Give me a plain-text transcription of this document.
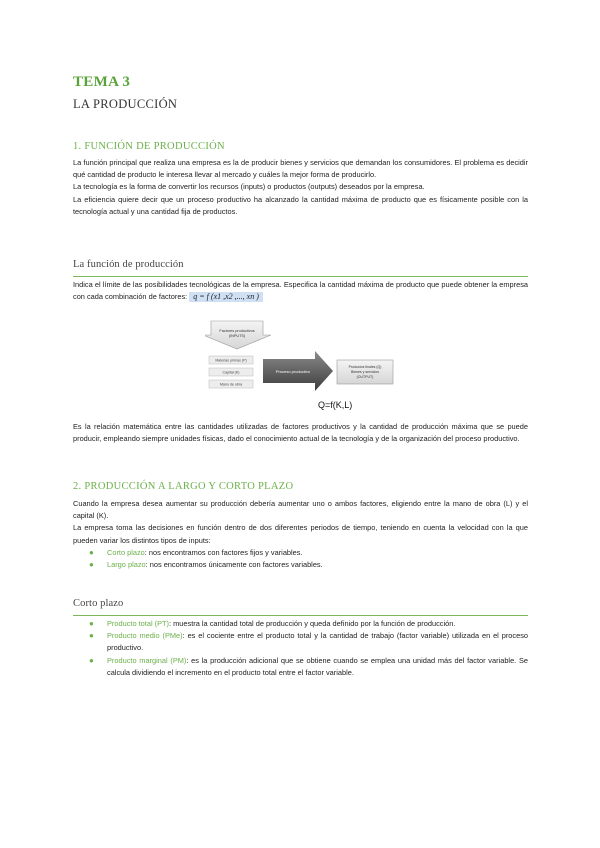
TEMA 3
LA PRODUCCIÓN
1. FUNCIÓN DE PRODUCCIÓN

La función principal que realiza una empresa es la de producir bienes y servicios que demandan los consumidores. El problema es decidir qué cantidad de producto le interesa llevar al mercado y cuáles la mejor forma de producirlo.

La tecnología es la forma de convertir los recursos (inputs) o productos (outputs) deseados por la empresa.

La eficiencia quiere decir que un proceso productivo ha alcanzado la cantidad máxima de producto que es físicamente posible con la tecnología actual y una cantidad fija de productos.

La función de producción

Indica el límite de las posibilidades tecnológicas de la empresa. Especifica la cantidad máxima de producto que puede obtener la empresa con cada combinación de factores: q = f (x1 ,x2 ,..., xn )

Factores productivos
(INPUTS)
Materias primas (P)
Capital (K)
Mano de obra
Proceso productivo
Productos finales (Q)
Bienes y servicios
(OUTPUT)
Q=f(K,L)

Es la relación matemática entre las cantidades utilizadas de factores productivos y la cantidad de producción máxima que se puede producir, empleando siempre unidades físicas, dado el conocimiento actual de la tecnología y de la organización del proceso productivo.

2. PRODUCCIÓN A LARGO Y CORTO PLAZO

Cuando la empresa desea aumentar su producción debería aumentar uno o ambos factores, eligiendo entre la mano de obra (L) y el capital (K).

La empresa toma las decisiones en función dentro de dos diferentes periodos de tiempo, teniendo en cuenta la velocidad con la que pueden variar los distintos tipos de inputs:

● Corto plazo: nos encontramos con factores fijos y variables.
● Largo plazo: nos encontramos únicamente con factores variables.
Corto plazo
● Producto total (PT): muestra la cantidad total de producción y queda definido por la función de producción.
● Producto medio (PMe): es el cociente entre el producto total y la cantidad de trabajo (factor variable) utilizada en el proceso productivo.
● Producto marginal (PM): es la producción adicional que se obtiene cuando se emplea una unidad más del factor variable. Se calcula dividiendo el incremento en el producto total entre el factor variable.
